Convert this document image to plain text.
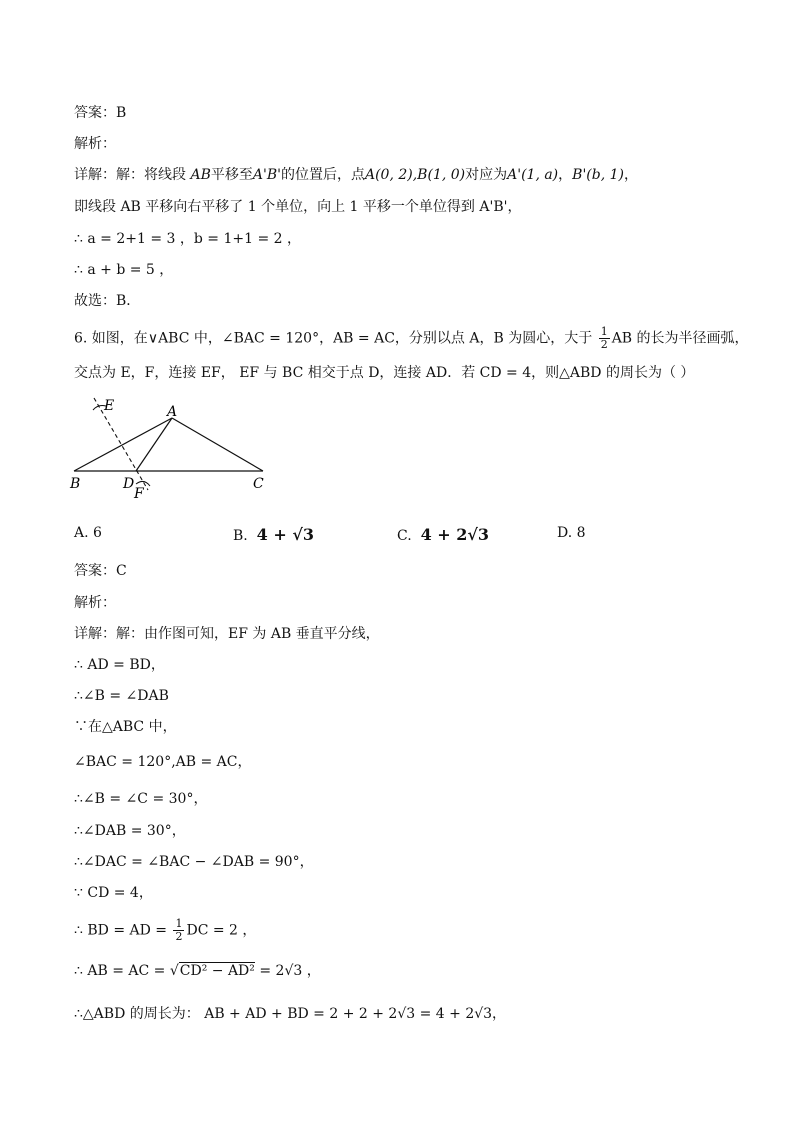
答案：B
解析：
详解：解：将线段 AB平移至A'B'的位置后，点A(0, 2),B(1, 0)对应为A'(1, a)，B'(b, 1)，
即线段 AB 平移向右平移了 1 个单位，向上 1 平移一个单位得到 A'B'，
∴ a = 2+1 = 3 ，b = 1+1 = 2 ，
∴ a + b = 5 ，
故选：B．
6. 如图，在∨ABC 中，∠BAC = 120°，AB = AC，分别以点 A，B 为圆心，大于 $\frac{1}{2}$ AB 的长为半径画弧，
交点为 E，F，连接 EF， EF 与 BC 相交于点 D，连接 AD．若 CD = 4，则△ABD 的周长为（ ）
E	A
B	D
F
C
A. 6	B. 4 + √3	C. 4 + 2√3	D. 8
答案：C
解析：
详解：解：由作图可知，EF 为 AB 垂直平分线，
∴ AD = BD，
∴∠B = ∠DAB
∵在△ABC 中，
∠BAC = 120°,AB = AC，
∴∠B = ∠C = 30°，
∴∠DAB = 30°，
∴∠DAC = ∠BAC − ∠DAB = 90°，
∵ CD = 4，
∴ BD = AD = $\frac{1}{2}$ DC = 2 ，
∴ AB = AC = √CD² − AD² = 2√3 ，
∴△ABD 的周长为： AB + AD + BD = 2 + 2 + 2√3 = 4 + 2√3，
